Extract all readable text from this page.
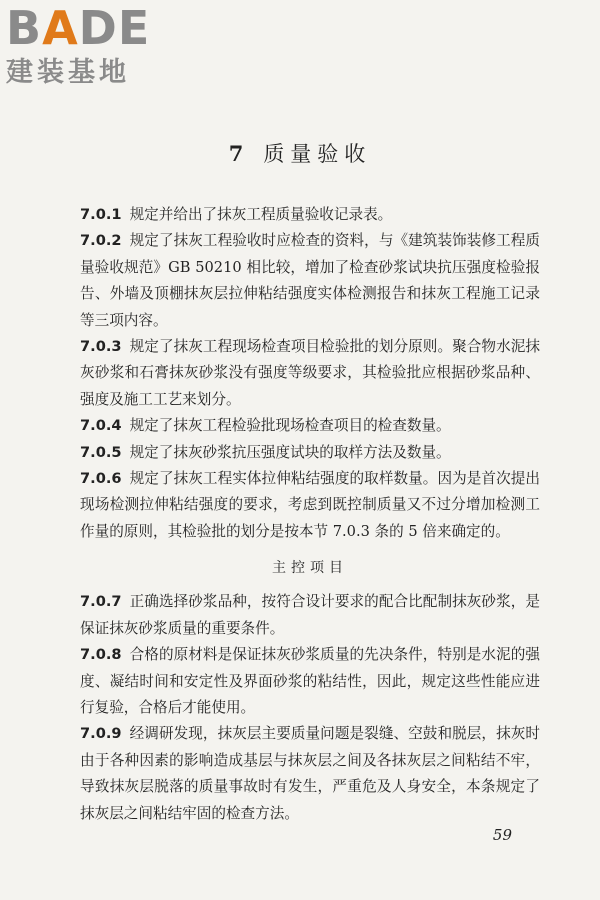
BADE
建装基地
7 质量验收

7.0.1 规定并给出了抹灰工程质量验收记录表。

7.0.2 规定了抹灰工程验收时应检查的资料，与《建筑装饰装修工程质量验收规范》GB 50210 相比较，增加了检查砂浆试块抗压强度检验报告、外墙及顶棚抹灰层拉伸粘结强度实体检测报告和抹灰工程施工记录等三项内容。

7.0.3 规定了抹灰工程现场检查项目检验批的划分原则。聚合物水泥抹灰砂浆和石膏抹灰砂浆没有强度等级要求，其检验批应根据砂浆品种、强度及施工工艺来划分。

7.0.4 规定了抹灰工程检验批现场检查项目的检查数量。

7.0.5 规定了抹灰砂浆抗压强度试块的取样方法及数量。

7.0.6 规定了抹灰工程实体拉伸粘结强度的取样数量。因为是首次提出现场检测拉伸粘结强度的要求，考虑到既控制质量又不过分增加检测工作量的原则，其检验批的划分是按本节 7.0.3 条的 5 倍来确定的。

主控项目

7.0.7 正确选择砂浆品种，按符合设计要求的配合比配制抹灰砂浆，是保证抹灰砂浆质量的重要条件。

7.0.8 合格的原材料是保证抹灰砂浆质量的先决条件，特别是水泥的强度、凝结时间和安定性及界面砂浆的粘结性，因此，规定这些性能应进行复验，合格后才能使用。

7.0.9 经调研发现，抹灰层主要质量问题是裂缝、空鼓和脱层，抹灰时由于各种因素的影响造成基层与抹灰层之间及各抹灰层之间粘结不牢，导致抹灰层脱落的质量事故时有发生，严重危及人身安全，本条规定了抹灰层之间粘结牢固的检查方法。

59
